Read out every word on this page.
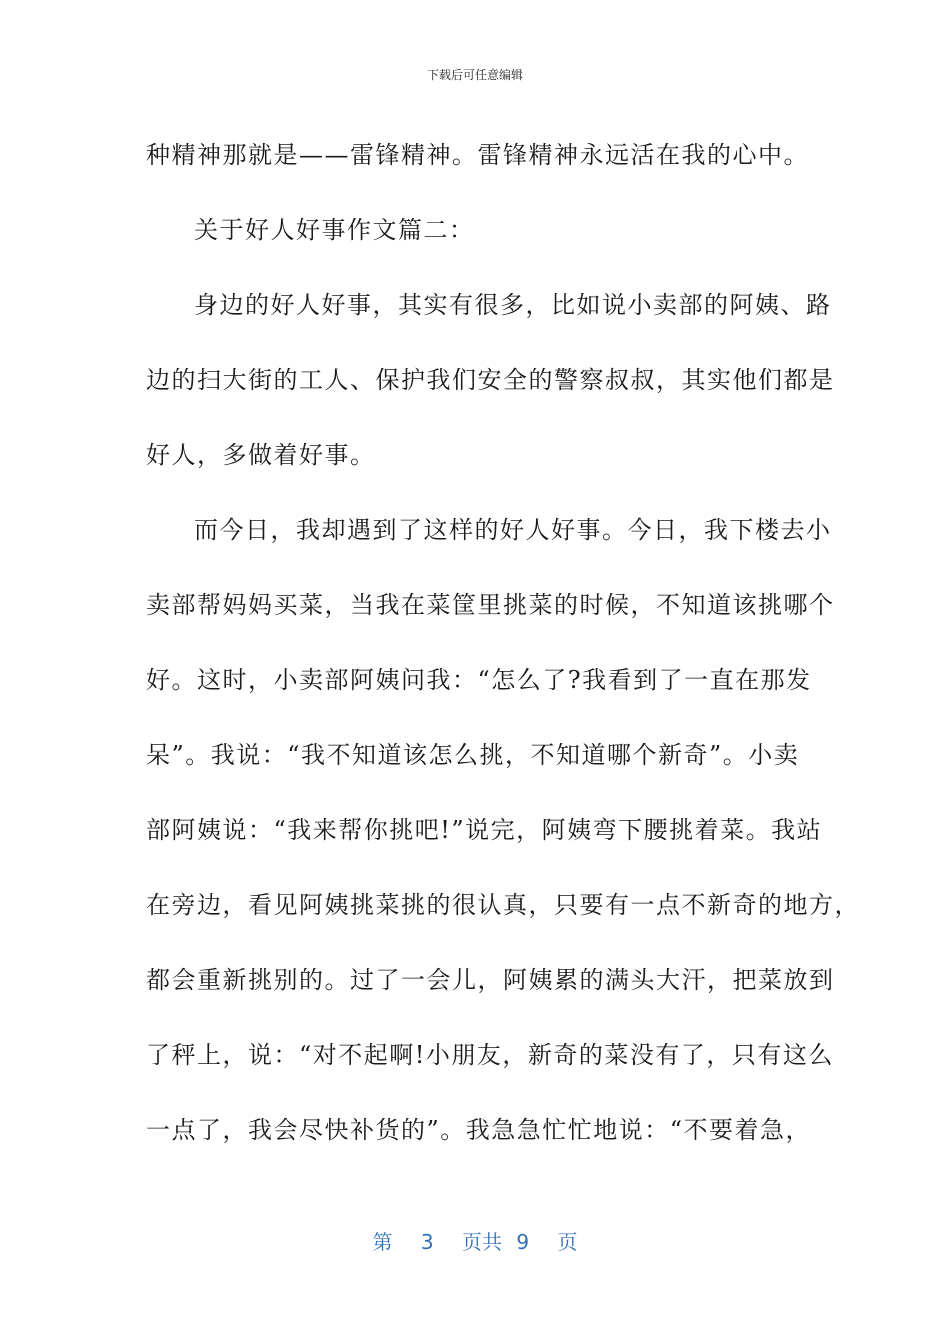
下载后可任意编辑
种精神那就是——雷锋精神。雷锋精神永远活在我的心中。
关于好人好事作文篇二：
身边的好人好事，其实有很多，比如说小卖部的阿姨、路
边的扫大街的工人、保护我们安全的警察叔叔，其实他们都是
好人，多做着好事。
而今日，我却遇到了这样的好人好事。今日，我下楼去小
卖部帮妈妈买菜，当我在菜筐里挑菜的时候，不知道该挑哪个
好。这时，小卖部阿姨问我：“怎么了?我看到了一直在那发
呆”。我说：“我不知道该怎么挑，不知道哪个新奇”。小卖
部阿姨说：“我来帮你挑吧!”说完，阿姨弯下腰挑着菜。我站
在旁边，看见阿姨挑菜挑的很认真，只要有一点不新奇的地方，
都会重新挑别的。过了一会儿，阿姨累的满头大汗，把菜放到
了秤上，说：“对不起啊!小朋友，新奇的菜没有了，只有这么
一点了，我会尽快补货的”。我急急忙忙地说：“不要着急，
第 3 页共 9 页
